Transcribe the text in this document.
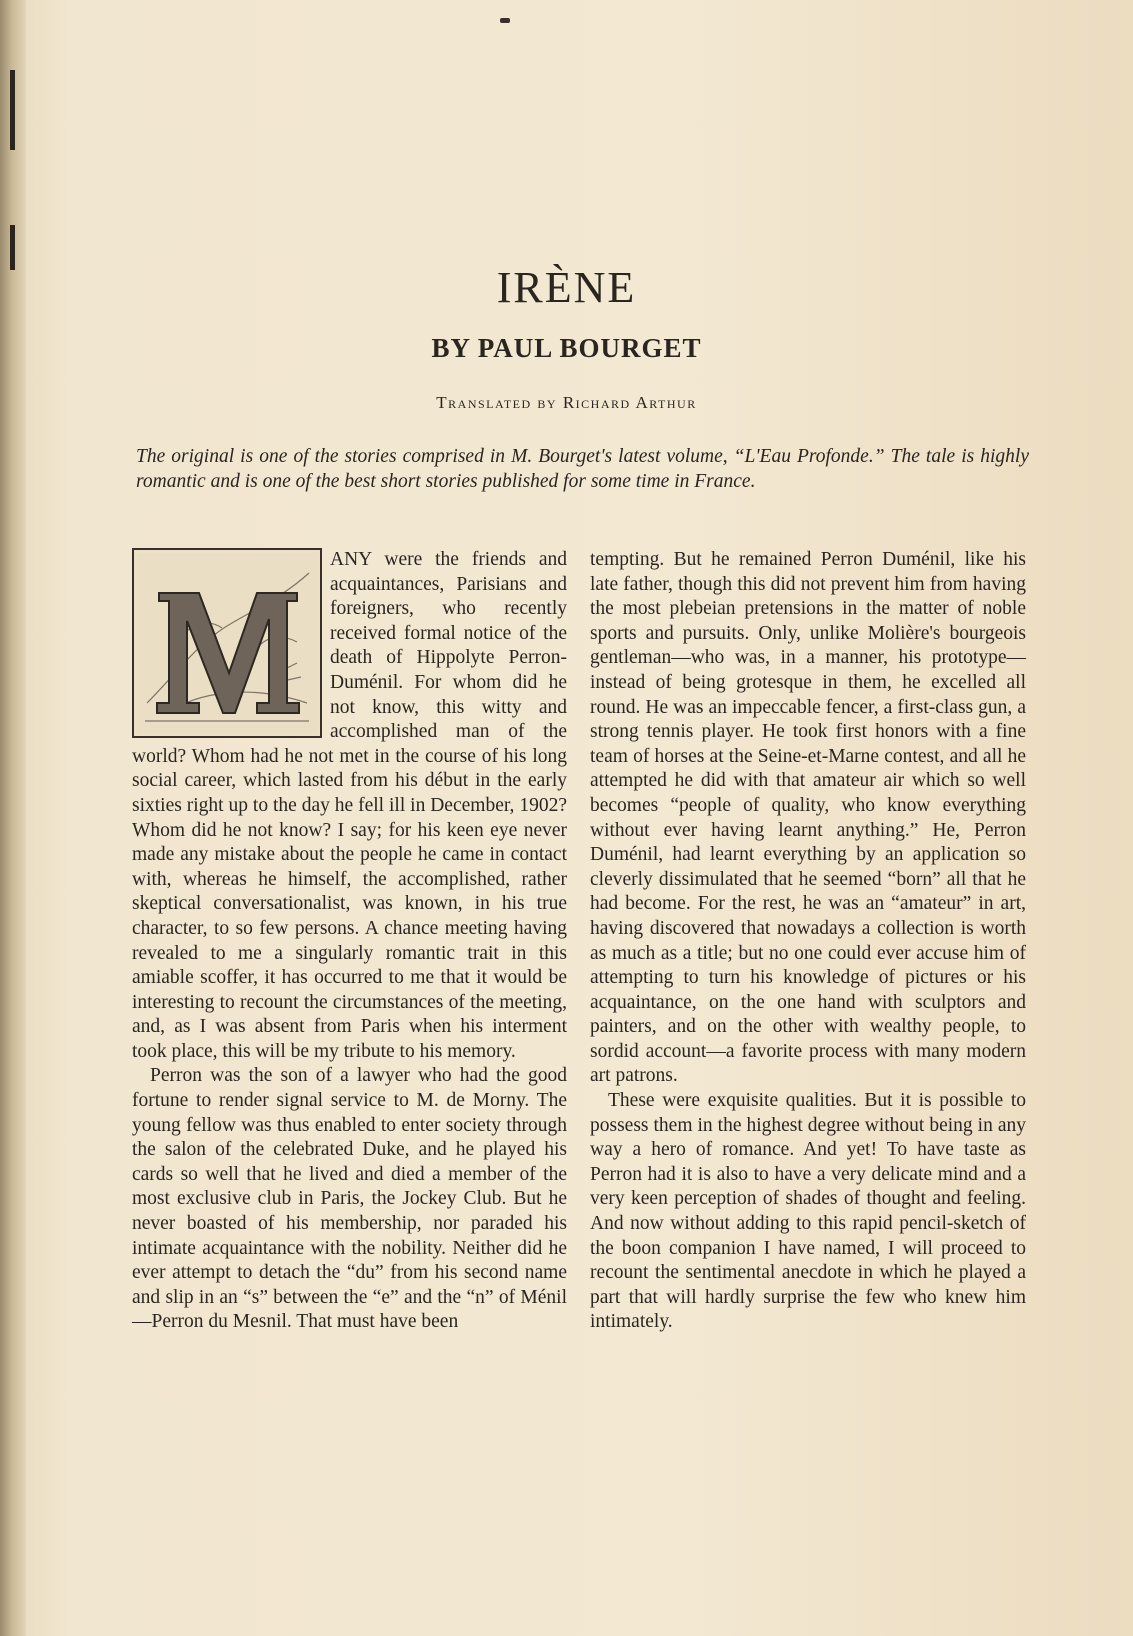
IRÈNE
BY PAUL BOURGET
Translated by Richard Arthur
The original is one of the stories comprised in M. Bourget's latest volume, “L'Eau Profonde.” The tale is highly romantic and is one of the best short stories published for some time in France.

ANY were the friends and acquaintances, Parisians and foreigners, who recently received formal notice of the death of Hippolyte Perron-Duménil. For whom did he not know, this witty and accomplished man of the world? Whom had he not met in the course of his long social career, which lasted from his début in the early sixties right up to the day he fell ill in December, 1902? Whom did he not know? I say; for his keen eye never made any mistake about the people he came in contact with, whereas he himself, the accomplished, rather skeptical conversationalist, was known, in his true character, to so few persons. A chance meeting having revealed to me a singularly romantic trait in this amiable scoffer, it has occurred to me that it would be interesting to recount the circumstances of the meeting, and, as I was absent from Paris when his interment took place, this will be my tribute to his memory.

Perron was the son of a lawyer who had the good fortune to render signal service to M. de Morny. The young fellow was thus enabled to enter society through the salon of the celebrated Duke, and he played his cards so well that he lived and died a member of the most exclusive club in Paris, the Jockey Club. But he never boasted of his membership, nor paraded his intimate acquaintance with the nobility. Neither did he ever attempt to detach the “du” from his second name and slip in an “s” between the “e” and the “n” of Ménil—Perron du Mesnil. That must have been

tempting. But he remained Perron Duménil, like his late father, though this did not prevent him from having the most plebeian pretensions in the matter of noble sports and pursuits. Only, unlike Molière's bourgeois gentleman—who was, in a manner, his prototype—instead of being grotesque in them, he excelled all round. He was an impeccable fencer, a first-class gun, a strong tennis player. He took first honors with a fine team of horses at the Seine-et-Marne contest, and all he attempted he did with that amateur air which so well becomes “people of quality, who know everything without ever having learnt anything.” He, Perron Duménil, had learnt everything by an application so cleverly dissimulated that he seemed “born” all that he had become. For the rest, he was an “amateur” in art, having discovered that nowadays a collection is worth as much as a title; but no one could ever accuse him of attempting to turn his knowledge of pictures or his acquaintance, on the one hand with sculptors and painters, and on the other with wealthy people, to sordid account—a favorite process with many modern art patrons.

These were exquisite qualities. But it is possible to possess them in the highest degree without being in any way a hero of romance. And yet! To have taste as Perron had it is also to have a very delicate mind and a very keen perception of shades of thought and feeling. And now without adding to this rapid pencil-sketch of the boon companion I have named, I will proceed to recount the sentimental anecdote in which he played a part that will hardly surprise the few who knew him intimately.
